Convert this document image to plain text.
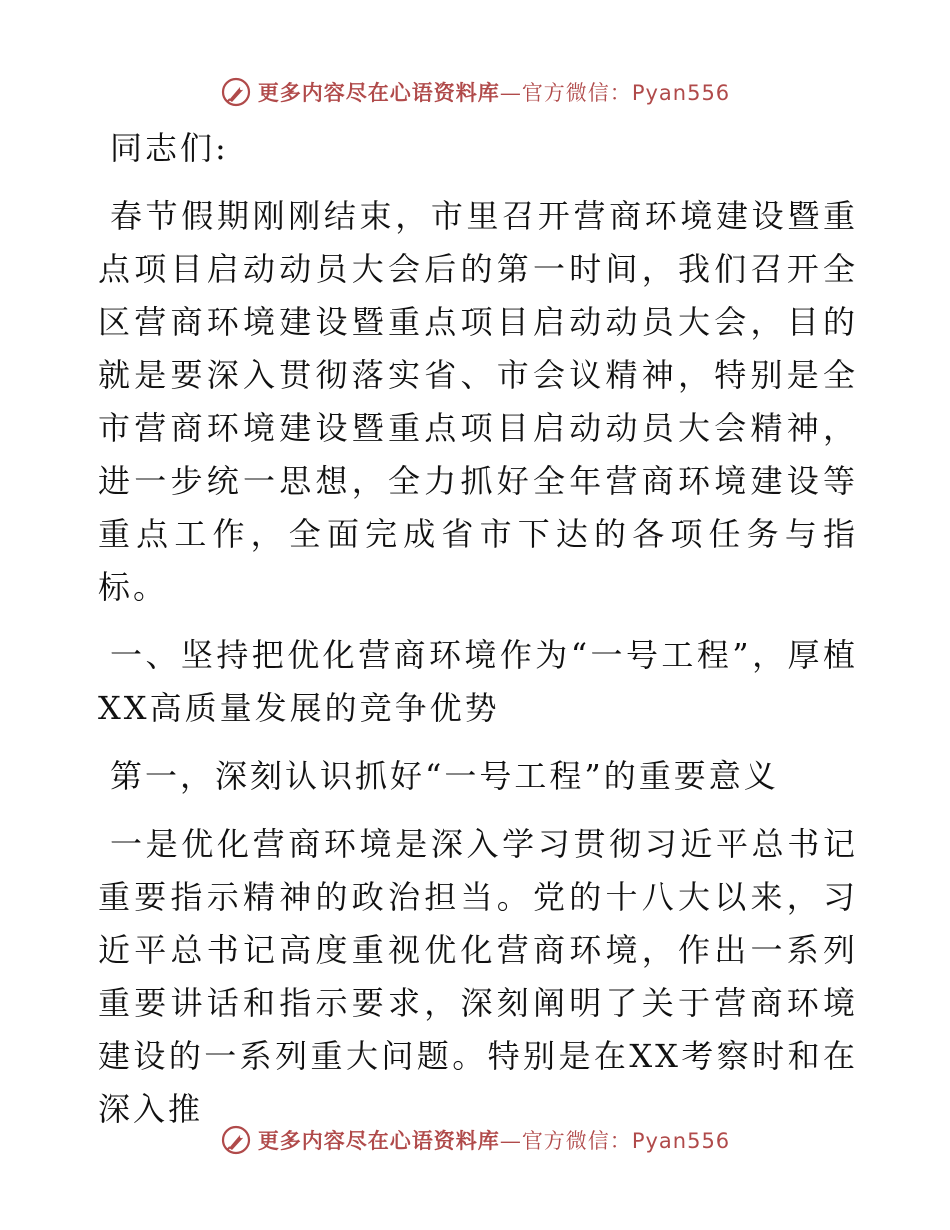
更多内容尽在心语资料库—官方微信：Pyan556

同志们:

春节假期刚刚结束，市里召开营商环境建设暨重点项目启动动员大会后的第一时间，我们召开全区营商环境建设暨重点项目启动动员大会，目的就是要深入贯彻落实省、市会议精神，特别是全市营商环境建设暨重点项目启动动员大会精神，进一步统一思想，全力抓好全年营商环境建设等重点工作，全面完成省市下达的各项任务与指标。

一、坚持把优化营商环境作为“一号工程”，厚植XX高质量发展的竞争优势

第一，深刻认识抓好“一号工程”的重要意义

一是优化营商环境是深入学习贯彻习近平总书记重要指示精神的政治担当。党的十八大以来，习近平总书记高度重视优化营商环境，作出一系列重要讲话和指示要求，深刻阐明了关于营商环境建设的一系列重大问题。特别是在XX考察时和在深入推

更多内容尽在心语资料库—官方微信：Pyan556
